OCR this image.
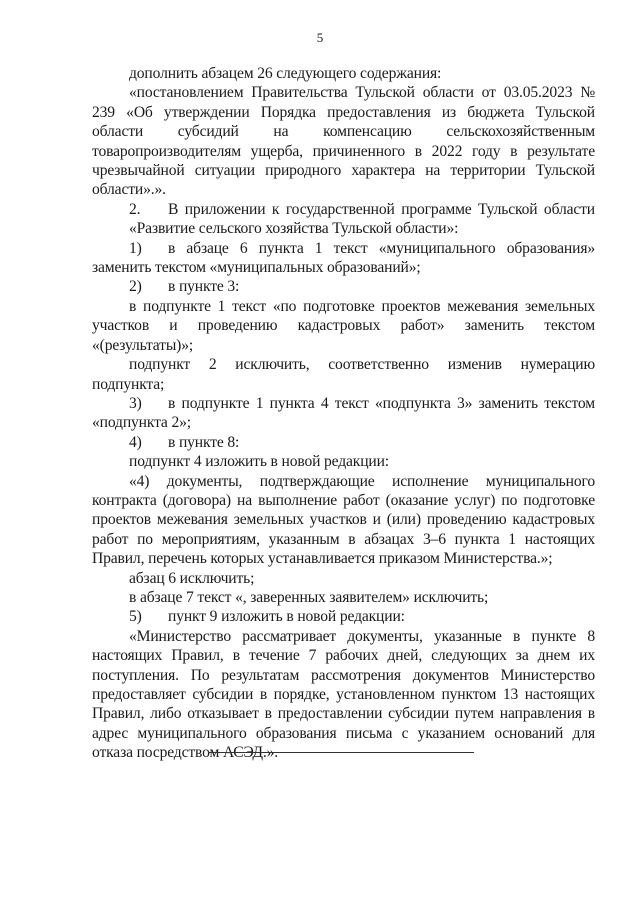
5

дополнить абзацем 26 следующего содержания:

«постановлением Правительства Тульской области от 03.05.2023 № 239 «Об утверждении Порядка предоставления из бюджета Тульской области субсидий на компенсацию сельскохозяйственным товаропроизводителям ущерба, причиненного в 2022 году в результате чрезвычайной ситуации природного характера на территории Тульской области».».

2. В приложении к государственной программе Тульской области «Развитие сельского хозяйства Тульской области»:

1)	в абзаце 6 пункта 1 текст «муниципального образования»

заменить текстом «муниципальных образований»;

2)	в пункте 3:

в подпункте 1 текст «по подготовке проектов межевания земельных участков и проведению кадастровых работ» заменить текстом «(результаты)»;

подпункт 2 исключить, соответственно изменив нумерацию подпункта;

3)	в подпункте 1 пункта 4 текст «подпункта 3» заменить текстом

«подпункта 2»;

4)	в пункте 8:

подпункт 4 изложить в новой редакции:

«4) документы, подтверждающие исполнение муниципального контракта (договора) на выполнение работ (оказание услуг) по подготовке проектов межевания земельных участков и (или) проведению кадастровых работ по мероприятиям, указанным в абзацах 3–6 пункта 1 настоящих Правил, перечень которых устанавливается приказом Министерства.»;

абзац 6 исключить;

в абзаце 7 текст «, заверенных заявителем» исключить;

5)	пункт 9 изложить в новой редакции:

«Министерство рассматривает документы, указанные в пункте 8 настоящих Правил, в течение 7 рабочих дней, следующих за днем их поступления. По результатам рассмотрения документов Министерство предоставляет субсидии в порядке, установленном пунктом 13 настоящих Правил, либо отказывает в предоставлении субсидии путем направления в адрес муниципального образования письма с указанием оснований для отказа посредством АСЭД.».
